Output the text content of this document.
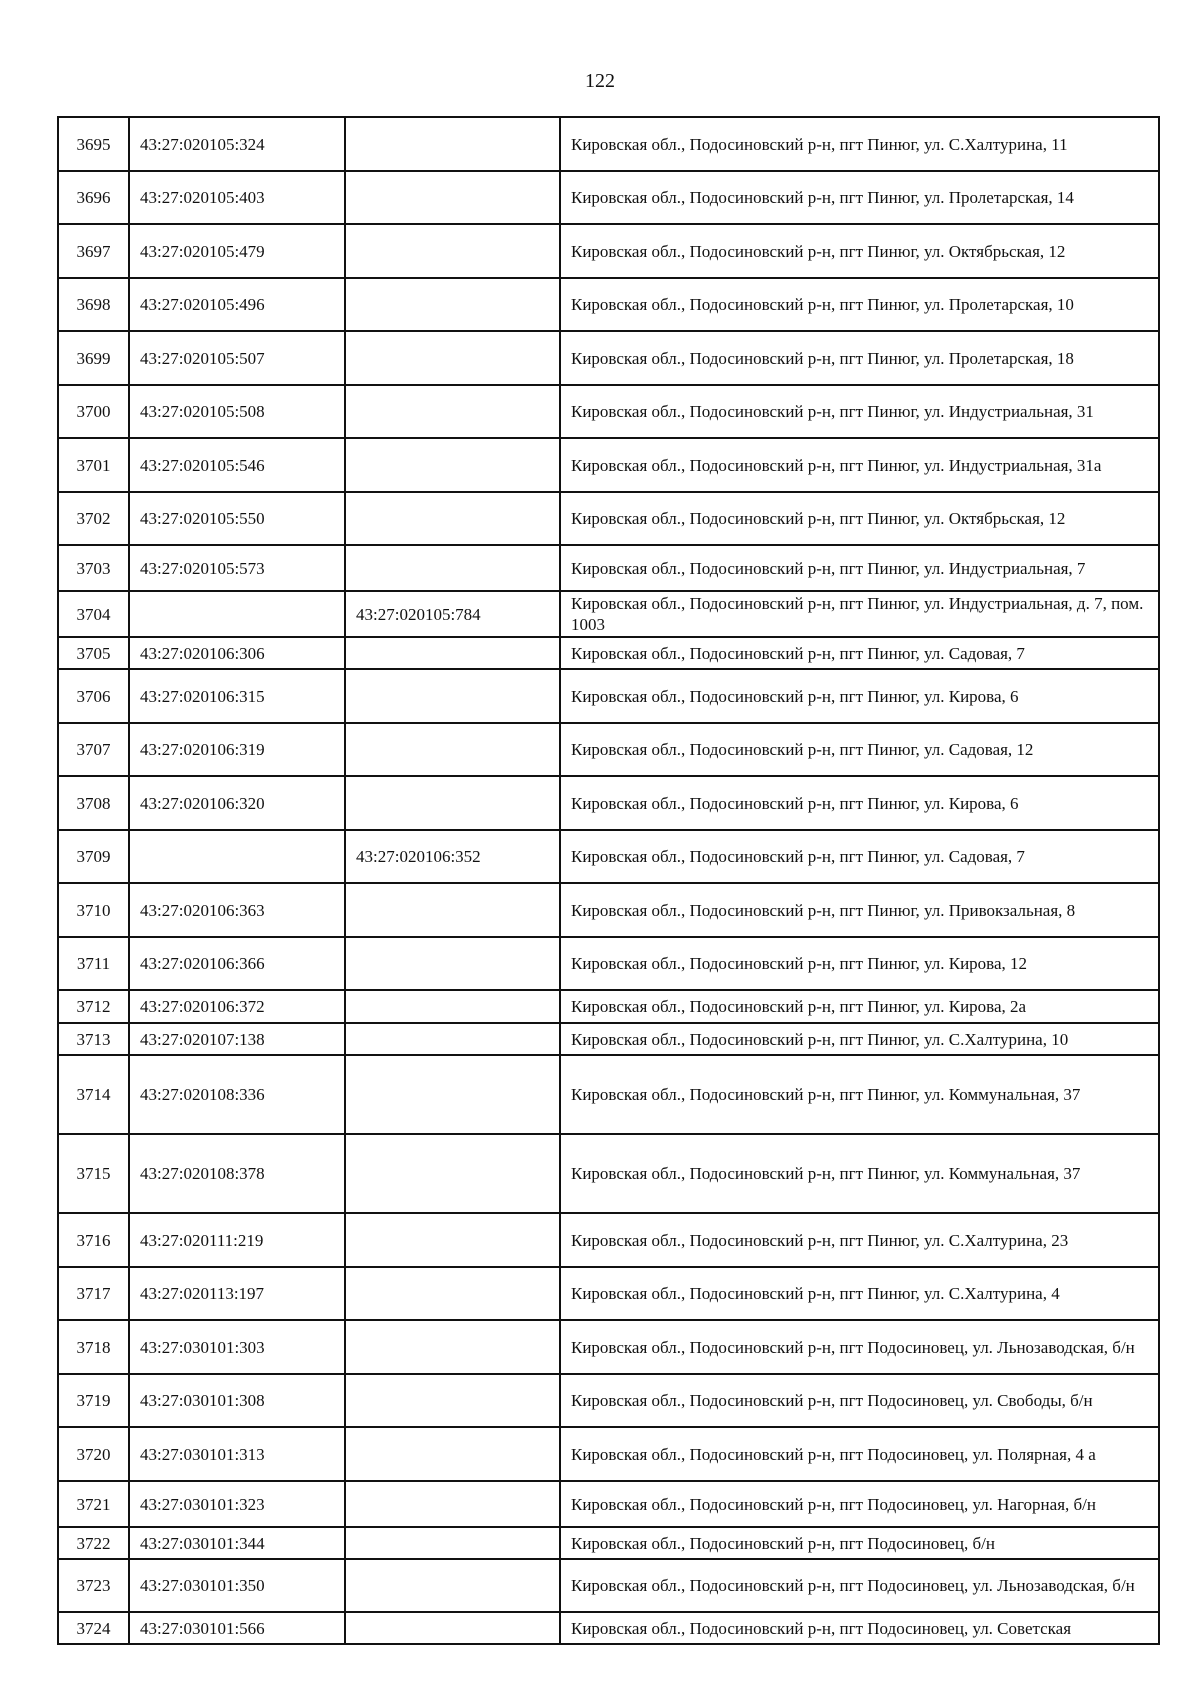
122
3695	43:27:020105:324		Кировская обл., Подосиновский р-н, пгт Пинюг, ул. С.Халтурина, 11
3696	43:27:020105:403		Кировская обл., Подосиновский р-н, пгт Пинюг, ул. Пролетарская, 14
3697	43:27:020105:479		Кировская обл., Подосиновский р-н, пгт Пинюг, ул. Октябрьская, 12
3698	43:27:020105:496		Кировская обл., Подосиновский р-н, пгт Пинюг, ул. Пролетарская, 10
3699	43:27:020105:507		Кировская обл., Подосиновский р-н, пгт Пинюг, ул. Пролетарская, 18
3700	43:27:020105:508		Кировская обл., Подосиновский р-н, пгт Пинюг, ул. Индустриальная, 31
3701	43:27:020105:546		Кировская обл., Подосиновский р-н, пгт Пинюг, ул. Индустриальная, 31а
3702	43:27:020105:550		Кировская обл., Подосиновский р-н, пгт Пинюг, ул. Октябрьская, 12
3703	43:27:020105:573		Кировская обл., Подосиновский р-н, пгт Пинюг, ул. Индустриальная, 7
3704		43:27:020105:784	Кировская обл., Подосиновский р-н, пгт Пинюг, ул. Индустриальная, д. 7, пом. 1003
3705	43:27:020106:306		Кировская обл., Подосиновский р-н, пгт Пинюг, ул. Садовая, 7
3706	43:27:020106:315		Кировская обл., Подосиновский р-н, пгт Пинюг, ул. Кирова, 6
3707	43:27:020106:319		Кировская обл., Подосиновский р-н, пгт Пинюг, ул. Садовая, 12
3708	43:27:020106:320		Кировская обл., Подосиновский р-н, пгт Пинюг, ул. Кирова, 6
3709		43:27:020106:352	Кировская обл., Подосиновский р-н, пгт Пинюг, ул. Садовая, 7
3710	43:27:020106:363		Кировская обл., Подосиновский р-н, пгт Пинюг, ул. Привокзальная, 8
3711	43:27:020106:366		Кировская обл., Подосиновский р-н, пгт Пинюг, ул. Кирова, 12
3712	43:27:020106:372		Кировская обл., Подосиновский р-н, пгт Пинюг, ул. Кирова, 2а
3713	43:27:020107:138		Кировская обл., Подосиновский р-н, пгт Пинюг, ул. С.Халтурина, 10
3714	43:27:020108:336		Кировская обл., Подосиновский р-н, пгт Пинюг, ул. Коммунальная, 37
3715	43:27:020108:378		Кировская обл., Подосиновский р-н, пгт Пинюг, ул. Коммунальная, 37
3716	43:27:020111:219		Кировская обл., Подосиновский р-н, пгт Пинюг, ул. С.Халтурина, 23
3717	43:27:020113:197		Кировская обл., Подосиновский р-н, пгт Пинюг, ул. С.Халтурина, 4
3718	43:27:030101:303		Кировская обл., Подосиновский р-н, пгт Подосиновец, ул. Льнозаводская, б/н
3719	43:27:030101:308		Кировская обл., Подосиновский р-н, пгт Подосиновец, ул. Свободы, б/н
3720	43:27:030101:313		Кировская обл., Подосиновский р-н, пгт Подосиновец, ул. Полярная, 4 а
3721	43:27:030101:323		Кировская обл., Подосиновский р-н, пгт Подосиновец, ул. Нагорная, б/н
3722	43:27:030101:344		Кировская обл., Подосиновский р-н, пгт Подосиновец, б/н
3723	43:27:030101:350		Кировская обл., Подосиновский р-н, пгт Подосиновец, ул. Льнозаводская, б/н
3724	43:27:030101:566		Кировская обл., Подосиновский р-н, пгт Подосиновец, ул. Советская
